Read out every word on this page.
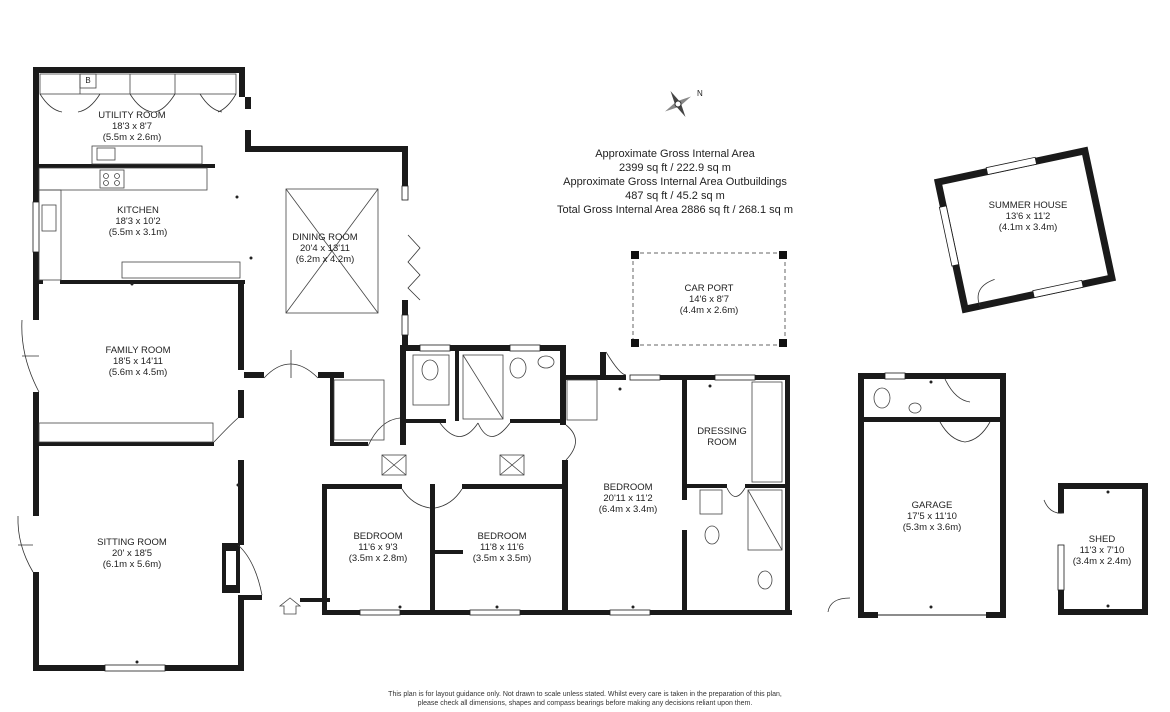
N
B
Approximate Gross Internal Area
2399 sq ft / 222.9 sq m
Approximate Gross Internal Area Outbuildings
487 sq ft / 45.2 sq m
Total Gross Internal Area 2886 sq ft / 268.1 sq m
UTILITY ROOM
18'3 x 8'7
(5.5m x 2.6m)
KITCHEN
18'3 x 10'2
(5.5m x 3.1m)	DINING ROOM
20'4 x 13'11
(6.2m x 4.2m)
FAMILY ROOM
18'5 x 14'11
(5.6m x 4.5m)
SITTING ROOM
20' x 18'5
(6.1m x 5.6m)
BEDROOM
11'6 x 9'3
(3.5m x 2.8m)
BEDROOM
11'8 x 11'6
(3.5m x 3.5m)
BEDROOM
20'11 x 11'2
(6.4m x 3.4m)
DRESSING
ROOM
CAR PORT
14'6 x 8'7
(4.4m x 2.6m)
SUMMER HOUSE
13'6 x 11'2
(4.1m x 3.4m)
GARAGE
17'5 x 11'10
(5.3m x 3.6m)
SHED
11'3 x 7'10
(3.4m x 2.4m)
This plan is for layout guidance only. Not drawn to scale unless stated. Whilst every care is taken in the preparation of this plan,
please check all dimensions, shapes and compass bearings before making any decisions reliant upon them.
